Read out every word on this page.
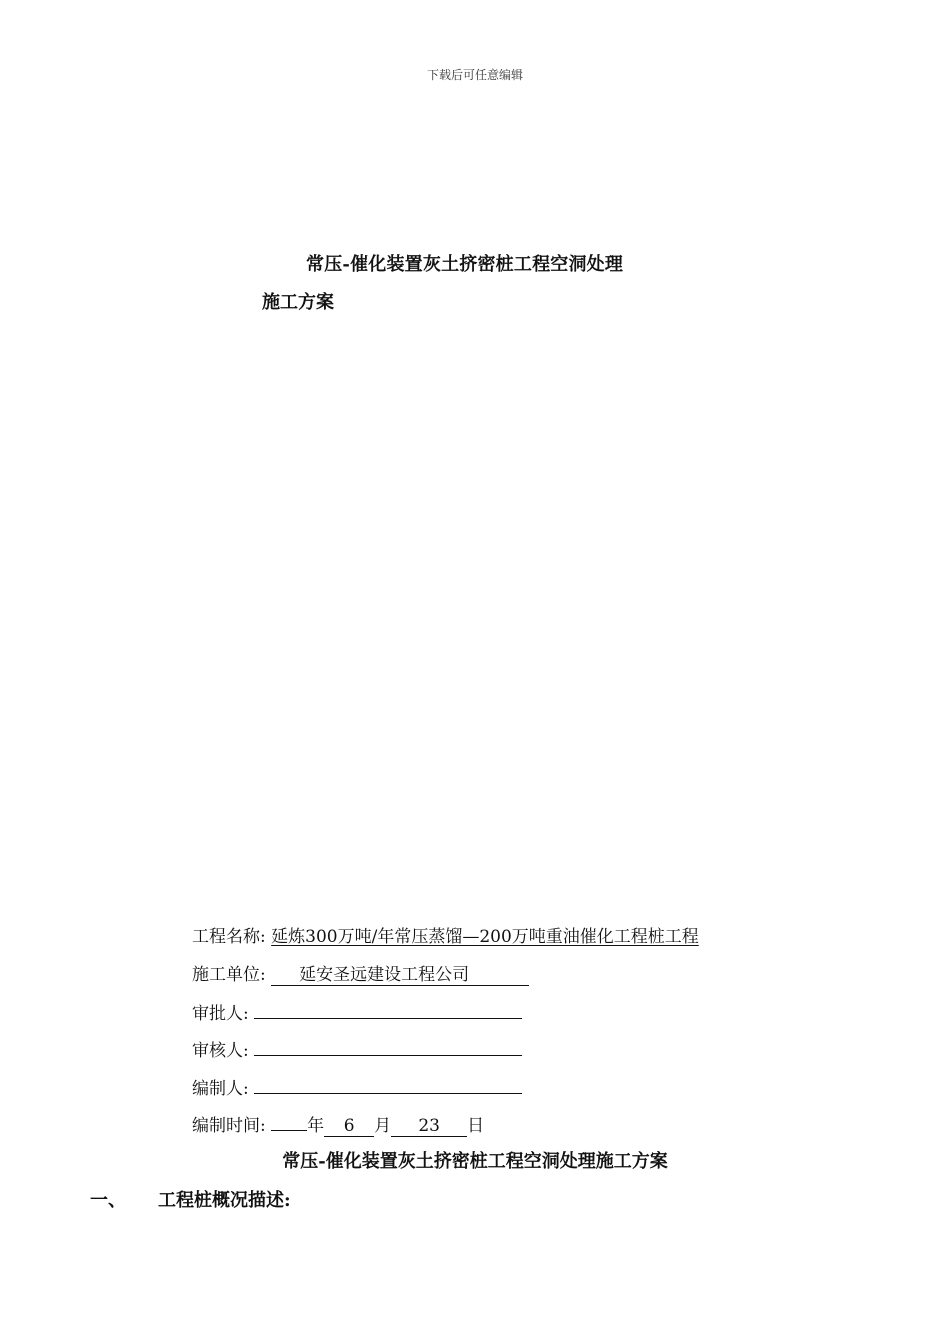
下载后可任意编辑
常压-催化装置灰土挤密桩工程空洞处理
施工方案
工程名称: 延炼300万吨/年常压蒸馏—200万吨重油催化工程桩工程
施工单位: 延安圣远建设工程公司
审批人:
审核人:
编制人:
编制时间: 年 6 月 23 日
常压-催化装置灰土挤密桩工程空洞处理施工方案
一、 工程桩概况描述:
